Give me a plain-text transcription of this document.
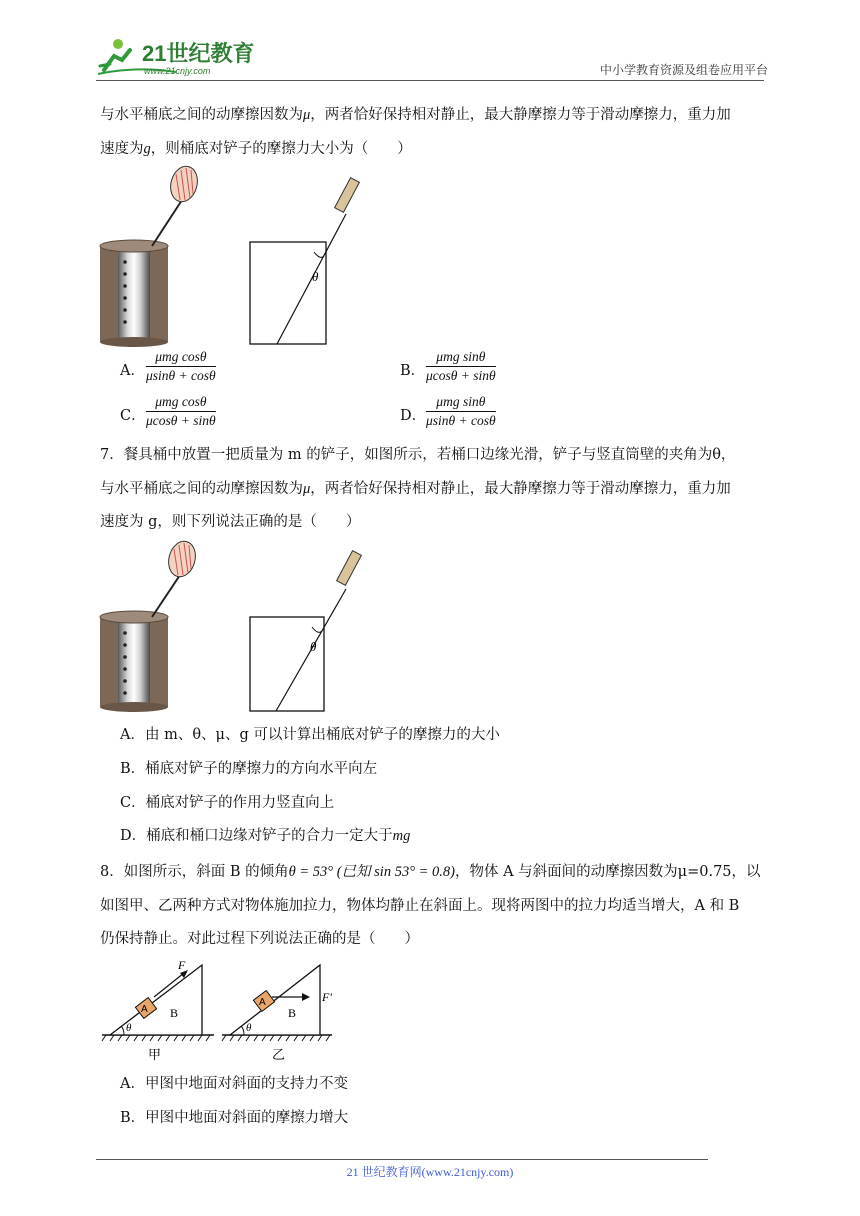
21世纪教育
www.21cnjy.com	中小学教育资源及组卷应用平台
与水平桶底之间的动摩擦因数为μ，两者恰好保持相对静止，最大静摩擦力等于滑动摩擦力，重力加
速度为g，则桶底对铲子的摩擦力大小为（　　）
θ
A．
μmg cosθ
μsinθ + cosθ	B．
μmg sinθ
μcosθ + sinθ
C．
μmg cosθ
μcosθ + sinθ	D．
μmg sinθ
μsinθ + cosθ
7．餐具桶中放置一把质量为 m 的铲子，如图所示，若桶口边缘光滑，铲子与竖直筒壁的夹角为θ，
与水平桶底之间的动摩擦因数为μ，两者恰好保持相对静止，最大静摩擦力等于滑动摩擦力，重力加
速度为 g，则下列说法正确的是（　　）
θ
A．由 m、θ、μ、g 可以计算出桶底对铲子的摩擦力的大小
B．桶底对铲子的摩擦力的方向水平向左
C．桶底对铲子的作用力竖直向上
D．桶底和桶口边缘对铲子的合力一定大于mg
8．如图所示，斜面 B 的倾角θ = 53° (已知 sin 53° = 0.8)，物体 A 与斜面间的动摩擦因数为μ=0.75，以
如图甲、乙两种方式对物体施加拉力，物体均静止在斜面上。现将两图中的拉力均适当增大，A 和 B
仍保持静止。对此过程下列说法正确的是（　　）
A
F
B
θ
甲
A	F′
B
θ
乙
A．甲图中地面对斜面的支持力不变
B．甲图中地面对斜面的摩擦力增大
21 世纪教育网(www.21cnjy.com)
